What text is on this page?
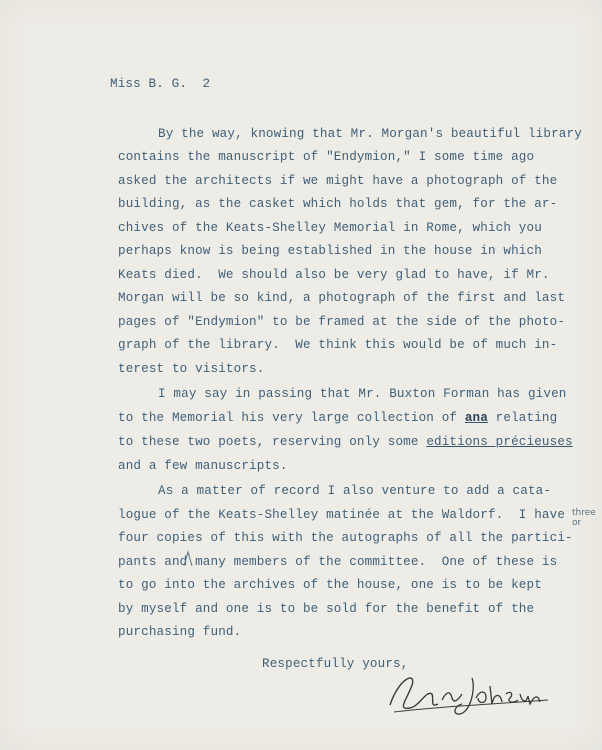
Miss B. G.  2

By the way, knowing that Mr. Morgan's beautiful library

contains the manuscript of "Endymion," I some time ago

asked the architects if we might have a photograph of the

building, as the casket which holds that gem, for the ar-

chives of the Keats-Shelley Memorial in Rome, which you

perhaps know is being established in the house in which

Keats died.  We should also be very glad to have, if Mr.

Morgan will be so kind, a photograph of the first and last

pages of "Endymion" to be framed at the side of the photo-

graph of the library.  We think this would be of much in-

terest to visitors.

I may say in passing that Mr. Buxton Forman has given

to the Memorial his very large collection of ana relating

to these two poets, reserving only some editions précieuses

and a few manuscripts.

As a matter of record I also venture to add a cata-

logue of the Keats-Shelley matinée at the Waldorf.  I have

four copies of this with the autographs of all the partici-

pants and many members of the committee.  One of these is

to go into the archives of the house, one is to be kept

by myself and one is to be sold for the benefit of the

purchasing fund.

Respectfully yours,

three or
